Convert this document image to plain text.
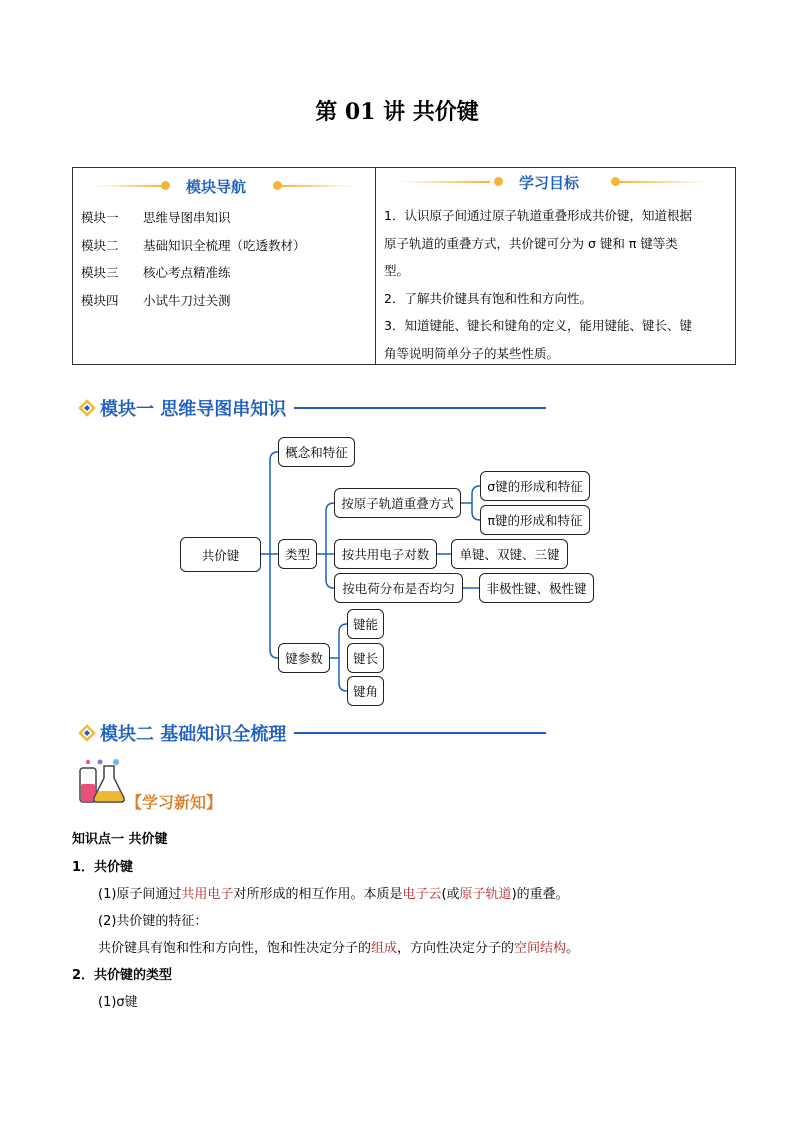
第 01 讲 共价键
模块导航
模块一	思维导图串知识
模块二	基础知识全梳理（吃透教材）
模块三	核心考点精准练
模块四	小试牛刀过关测
学习目标
1．认识原子间通过原子轨道重叠形成共价键，知道根据
原子轨道的重叠方式，共价键可分为 σ 键和 π 键等类
型。
2．了解共价键具有饱和性和方向性。
3．知道键能、键长和键角的定义，能用键能、键长、键
角等说明简单分子的某些性质。
模块一 思维导图串知识
共价键
概念和特征
类型
按原子轨道重叠方式
σ键的形成和特征
π键的形成和特征
按共用电子对数	单键、双键、三键
按电荷分布是否均匀	非极性键、极性键
键参数
键能
键长
键角
模块二 基础知识全梳理
【学习新知】
知识点一 共价键
1．共价键
(1)原子间通过共用电子对所形成的相互作用。本质是电子云(或原子轨道)的重叠。
(2)共价键的特征：
共价键具有饱和性和方向性，饱和性决定分子的组成，方向性决定分子的空间结构。
2．共价键的类型
(1)σ键
